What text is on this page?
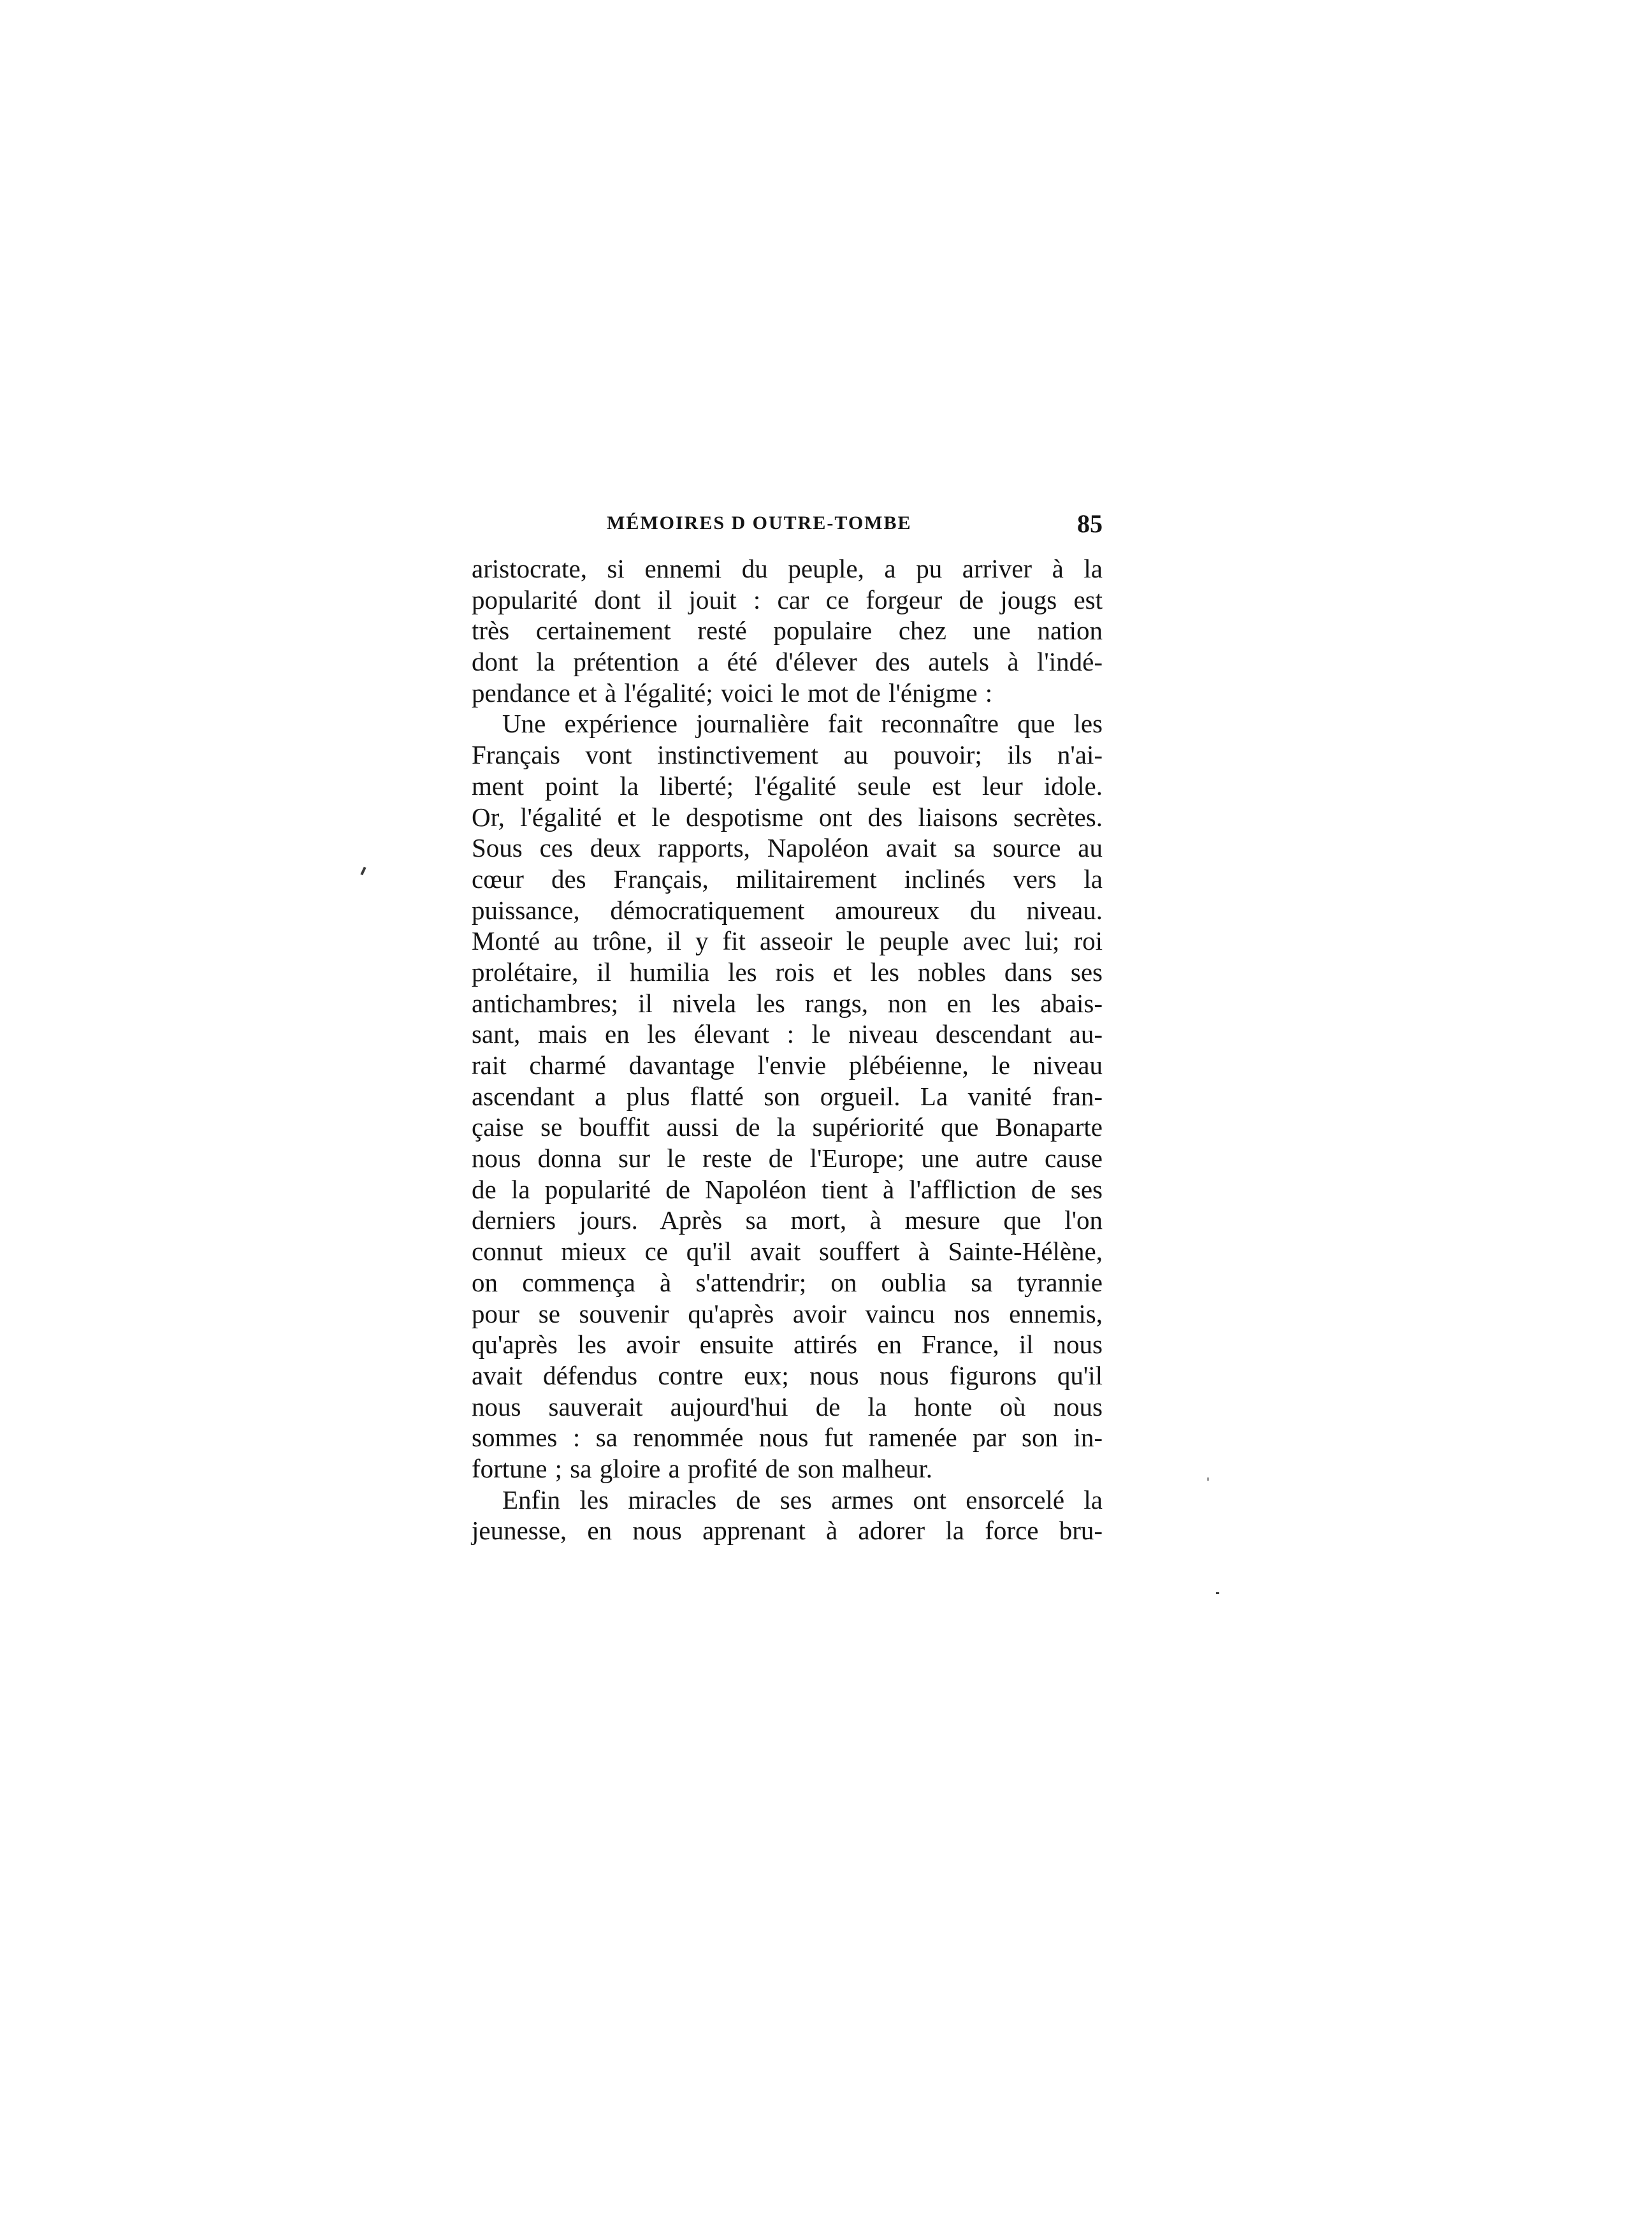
MÉMOIRES D OUTRE-TOMBE	85
aristocrate, si ennemi du peuple, a pu arriver à la
popularité dont il jouit : car ce forgeur de jougs est
très certainement resté populaire chez une nation
dont la prétention a été d'élever des autels à l'indé-
pendance et à l'égalité; voici le mot de l'énigme :
Une expérience journalière fait reconnaître que les
Français vont instinctivement au pouvoir; ils n'ai-
ment point la liberté; l'égalité seule est leur idole.
Or, l'égalité et le despotisme ont des liaisons secrètes.
Sous ces deux rapports, Napoléon avait sa source au
cœur des Français, militairement inclinés vers la
puissance, démocratiquement amoureux du niveau.
Monté au trône, il y fit asseoir le peuple avec lui; roi
prolétaire, il humilia les rois et les nobles dans ses
antichambres; il nivela les rangs, non en les abais-
sant, mais en les élevant : le niveau descendant au-
rait charmé davantage l'envie plébéienne, le niveau
ascendant a plus flatté son orgueil. La vanité fran-
çaise se bouffit aussi de la supériorité que Bonaparte
nous donna sur le reste de l'Europe; une autre cause
de la popularité de Napoléon tient à l'affliction de ses
derniers jours. Après sa mort, à mesure que l'on
connut mieux ce qu'il avait souffert à Sainte-Hélène,
on commença à s'attendrir; on oublia sa tyrannie
pour se souvenir qu'après avoir vaincu nos ennemis,
qu'après les avoir ensuite attirés en France, il nous
avait défendus contre eux; nous nous figurons qu'il
nous sauverait aujourd'hui de la honte où nous
sommes : sa renommée nous fut ramenée par son in-
fortune ; sa gloire a profité de son malheur.
Enfin les miracles de ses armes ont ensorcelé la
jeunesse, en nous apprenant à adorer la force bru-
